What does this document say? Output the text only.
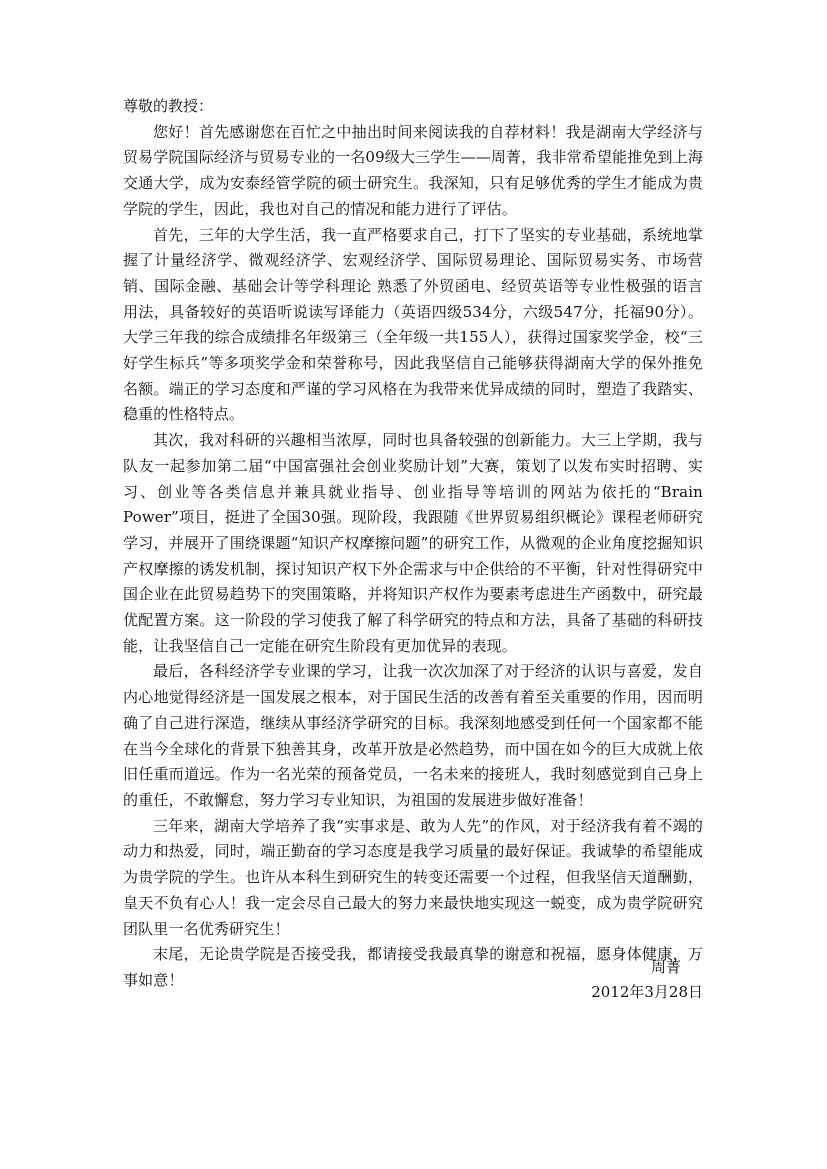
尊敬的教授：

您好！首先感谢您在百忙之中抽出时间来阅读我的自荐材料！我是湖南大学经济与贸易学院国际经济与贸易专业的一名09级大三学生——周菁，我非常希望能推免到上海交通大学，成为安泰经管学院的硕士研究生。我深知，只有足够优秀的学生才能成为贵学院的学生，因此，我也对自己的情况和能力进行了评估。

首先，三年的大学生活，我一直严格要求自己，打下了坚实的专业基础，系统地掌握了计量经济学、微观经济学、宏观经济学、国际贸易理论、国际贸易实务、市场营销、国际金融、基础会计等学科理论 熟悉了外贸函电、经贸英语等专业性极强的语言用法，具备较好的英语听说读写译能力（英语四级534分，六级547分，托福90分）。大学三年我的综合成绩排名年级第三（全年级一共155人），获得过国家奖学金，校“三好学生标兵”等多项奖学金和荣誉称号，因此我坚信自己能够获得湖南大学的保外推免名额。端正的学习态度和严谨的学习风格在为我带来优异成绩的同时，塑造了我踏实、稳重的性格特点。

其次，我对科研的兴趣相当浓厚，同时也具备较强的创新能力。大三上学期，我与队友一起参加第二届“中国富强社会创业奖励计划”大赛，策划了以发布实时招聘、实习、创业等各类信息并兼具就业指导、创业指导等培训的网站为依托的“Brain Power”项目，挺进了全国30强。现阶段，我跟随《世界贸易组织概论》课程老师研究学习，并展开了围绕课题“知识产权摩擦问题”的研究工作，从微观的企业角度挖掘知识产权摩擦的诱发机制，探讨知识产权下外企需求与中企供给的不平衡，针对性得研究中国企业在此贸易趋势下的突围策略，并将知识产权作为要素考虑进生产函数中，研究最优配置方案。这一阶段的学习使我了解了科学研究的特点和方法，具备了基础的科研技能，让我坚信自己一定能在研究生阶段有更加优异的表现。

最后，各科经济学专业课的学习，让我一次次加深了对于经济的认识与喜爱，发自内心地觉得经济是一国发展之根本，对于国民生活的改善有着至关重要的作用，因而明确了自己进行深造，继续从事经济学研究的目标。我深刻地感受到任何一个国家都不能在当今全球化的背景下独善其身，改革开放是必然趋势，而中国在如今的巨大成就上依旧任重而道远。作为一名光荣的预备党员，一名未来的接班人，我时刻感觉到自己身上的重任，不敢懈怠，努力学习专业知识，为祖国的发展进步做好准备！

三年来，湖南大学培养了我“实事求是、敢为人先”的作风，对于经济我有着不竭的动力和热爱，同时，端正勤奋的学习态度是我学习质量的最好保证。我诚挚的希望能成为贵学院的学生。也许从本科生到研究生的转变还需要一个过程，但我坚信天道酬勤，皇天不负有心人！我一定会尽自己最大的努力来最快地实现这一蜕变，成为贵学院研究团队里一名优秀研究生！

末尾，无论贵学院是否接受我，都请接受我最真挚的谢意和祝福，愿身体健康，万事如意！

周菁

2012年3月28日
